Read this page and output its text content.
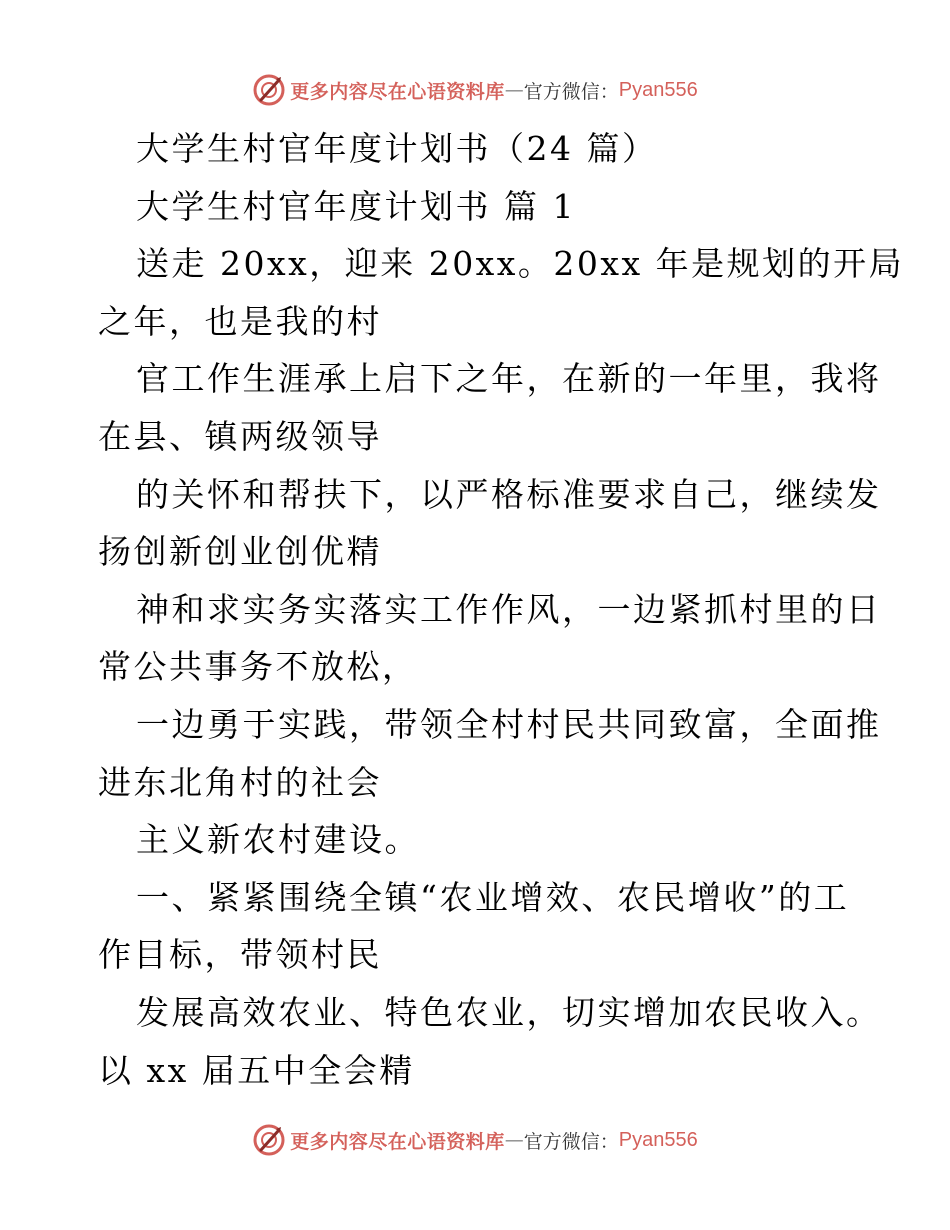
更多内容尽在心语资料库 — 官方微信： Pyan556
大学生村官年度计划书（24 篇）
大学生村官年度计划书 篇 1
送走 20xx，迎来 20xx。20xx 年是规划的开局
之年，也是我的村
官工作生涯承上启下之年，在新的一年里，我将
在县、镇两级领导
的关怀和帮扶下，以严格标准要求自己，继续发
扬创新创业创优精
神和求实务实落实工作作风，一边紧抓村里的日
常公共事务不放松，
一边勇于实践，带领全村村民共同致富，全面推
进东北角村的社会
主义新农村建设。
一、紧紧围绕全镇“农业增效、农民增收”的工
作目标，带领村民
发展高效农业、特色农业，切实增加农民收入。
以 xx 届五中全会精
更多内容尽在心语资料库 — 官方微信： Pyan556
